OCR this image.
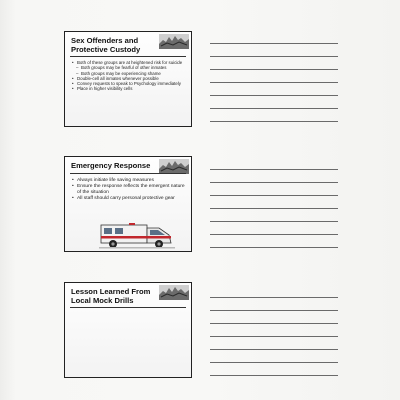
Sex Offenders and Protective Custody
• Both of these groups are at heightened risk for suicide
– Both groups may be fearful of other inmates
– Both groups may be experiencing shame
• Double-cell all inmates whenever possible
• Convey requests to speak to Psychology immediately
• Place in higher visibility cells
Emergency Response
• Always initiate life saving measures
• Ensure the response reflects the emergent nature of the situation
• All staff should carry personal protective gear
Lesson Learned From Local Mock Drills
